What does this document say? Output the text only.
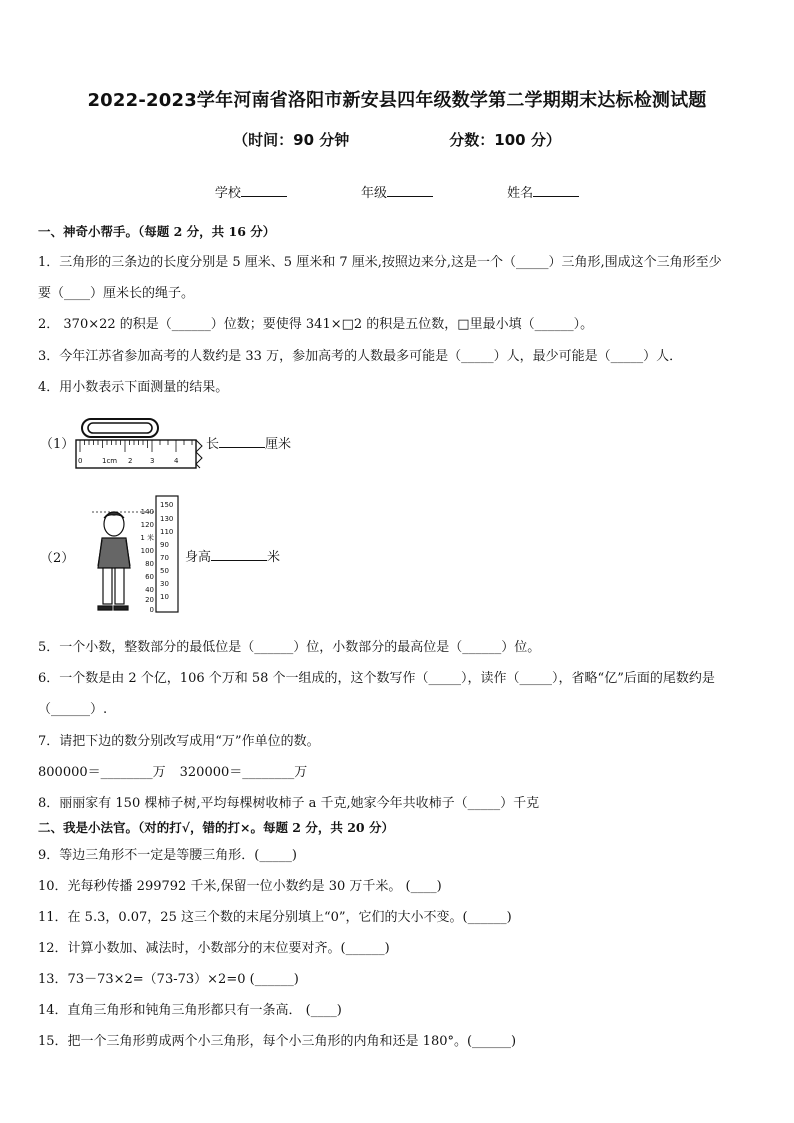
2022-2023学年河南省洛阳市新安县四年级数学第二学期期末达标检测试题
（时间：90 分钟	分数：100 分）
学校	年级	姓名
一、神奇小帮手。（每题 2 分，共 16 分）
1．三角形的三条边的长度分别是 5 厘米、5 厘米和 7 厘米,按照边来分,这是一个（_____）三角形,围成这个三角形至少
要（____）厘米长的绳子。
2． 370×22 的积是（______）位数；要使得 341×□2 的积是五位数，□里最小填（______）。
3．今年江苏省参加高考的人数约是 33 万，参加高考的人数最多可能是（_____）人，最少可能是（_____）人．
4．用小数表示下面测量的结果。
（1）
0	1cm 2	3	4
长	厘米
（2）
140
120
1 米
100
80
60
40
20
0
150
130
110
90
70
50
30
10
身高	米
5．一个小数，整数部分的最低位是（______）位，小数部分的最高位是（______）位。
6．一个数是由 2 个亿，106 个万和 58 个一组成的，这个数写作（_____），读作（_____），省略“亿”后面的尾数约是
（______）.
7．请把下边的数分别改写成用“万”作单位的数。
800000＝________万 320000＝________万
8．丽丽家有 150 棵柿子树,平均每棵树收柿子 a 千克,她家今年共收柿子（_____）千克
二、我是小法官。（对的打√，错的打×。每题 2 分，共 20 分）
9．等边三角形不一定是等腰三角形．(_____)
10．光每秒传播 299792 千米,保留一位小数约是 30 万千米。 (____)
11．在 5.3，0.07，25 这三个数的末尾分别填上“0”，它们的大小不变。(______)
12．计算小数加、减法时，小数部分的末位要对齐。(______)
13．73－73×2=（73-73）×2=0 (______)
14．直角三角形和钝角三角形都只有一条高． (____)
15．把一个三角形剪成两个小三角形，每个小三角形的内角和还是 180°。(______)
